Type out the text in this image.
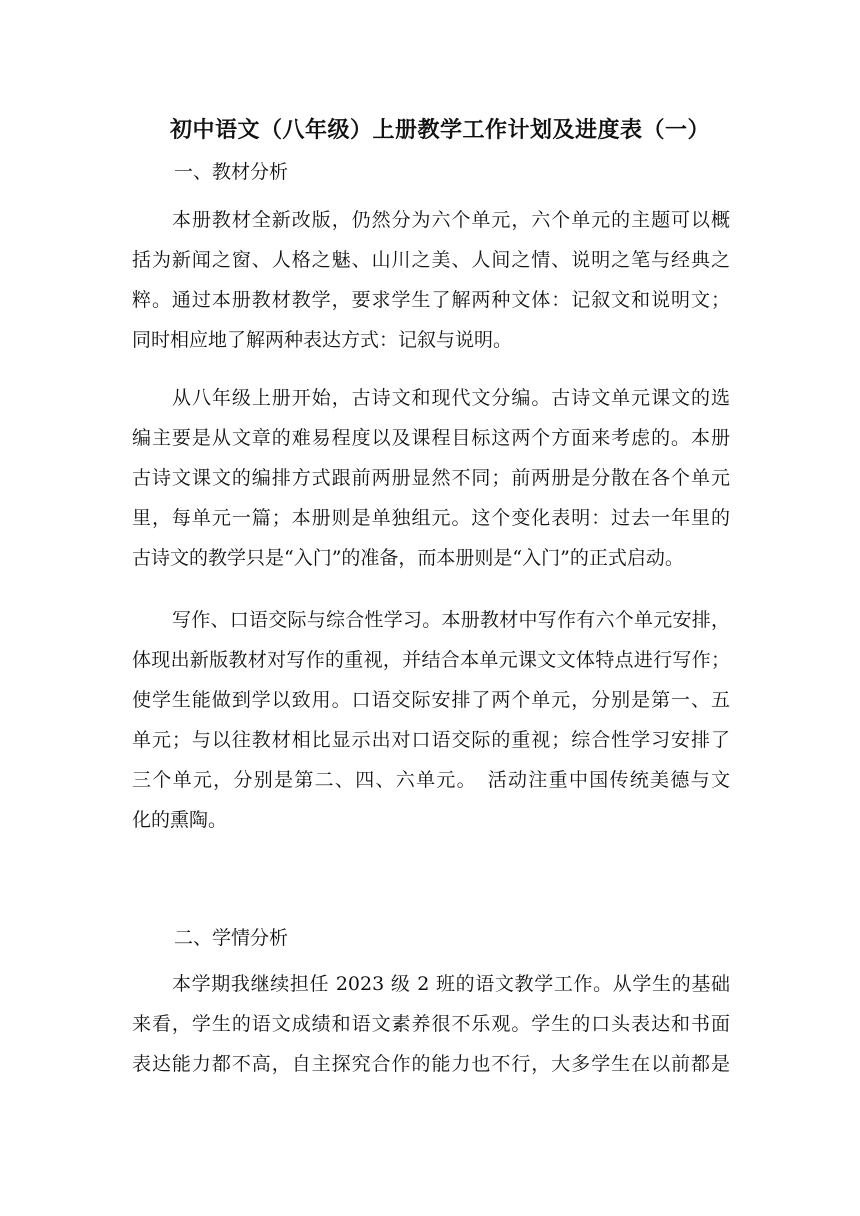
初中语文（八年级）上册教学工作计划及进度表（一）
一、教材分析
本册教材全新改版，仍然分为六个单元，六个单元的主题可以概
括为新闻之窗、人格之魅、山川之美、人间之情、说明之笔与经典之
粹。通过本册教材教学，要求学生了解两种文体：记叙文和说明文；
同时相应地了解两种表达方式：记叙与说明。
从八年级上册开始，古诗文和现代文分编。古诗文单元课文的选
编主要是从文章的难易程度以及课程目标这两个方面来考虑的。本册
古诗文课文的编排方式跟前两册显然不同；前两册是分散在各个单元
里，每单元一篇；本册则是单独组元。这个变化表明：过去一年里的
古诗文的教学只是“入门”的准备，而本册则是“入门”的正式启动。
写作、口语交际与综合性学习。本册教材中写作有六个单元安排，
体现出新版教材对写作的重视，并结合本单元课文文体特点进行写作；
使学生能做到学以致用。口语交际安排了两个单元，分别是第一、五
单元；与以往教材相比显示出对口语交际的重视；综合性学习安排了
三个单元，分别是第二、四、六单元。　活动注重中国传统美德与文
化的熏陶。
二、学情分析
本学期我继续担任 2023 级 2 班的语文教学工作。从学生的基础
来看，学生的语文成绩和语文素养很不乐观。学生的口头表达和书面
表达能力都不高，自主探究合作的能力也不行，大多学生在以前都是
